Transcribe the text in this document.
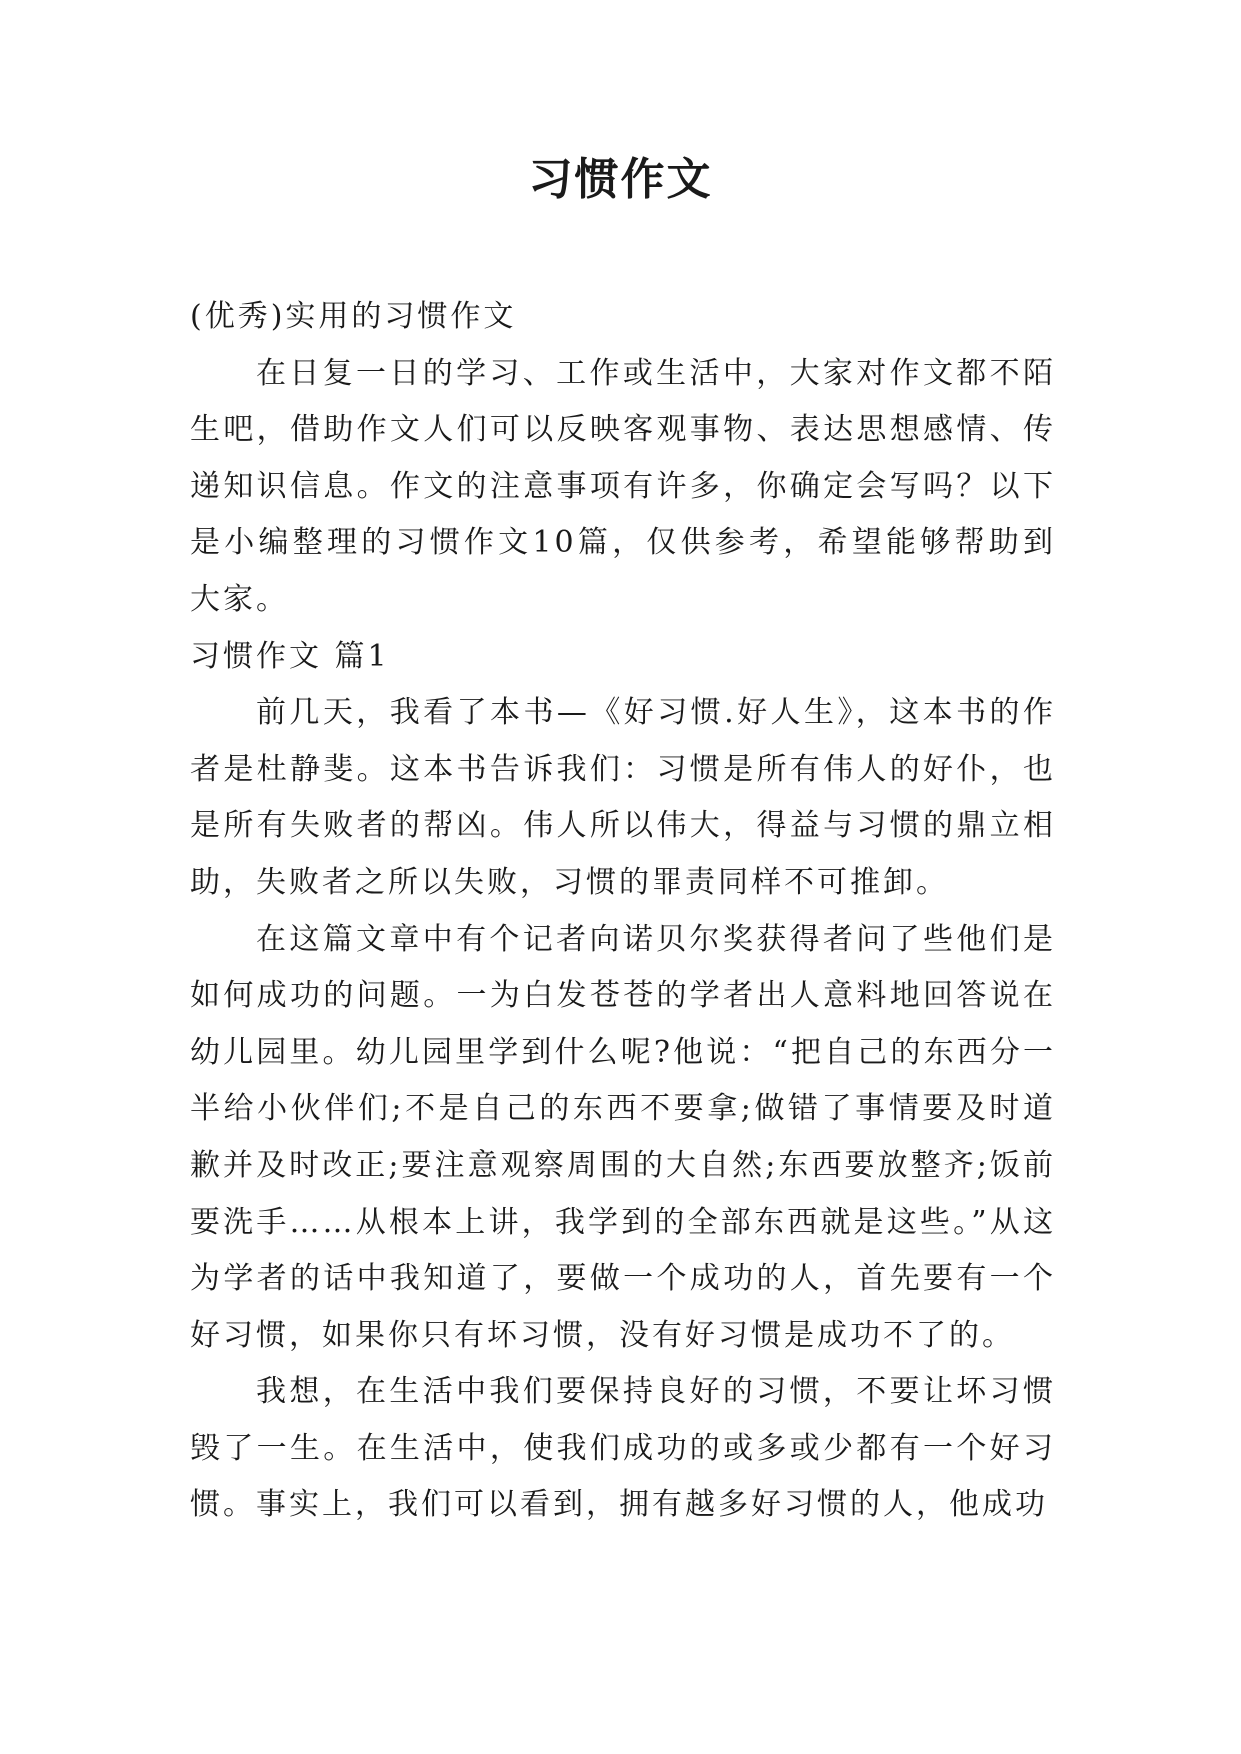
习惯作文

(优秀)实用的习惯作文

在日复一日的学习、工作或生活中，大家对作文都不陌生吧，借助作文人们可以反映客观事物、表达思想感情、传递知识信息。作文的注意事项有许多，你确定会写吗？以下是小编整理的习惯作文10篇，仅供参考，希望能够帮助到大家。

习惯作文 篇1

前几天，我看了本书—《好习惯.好人生》，这本书的作者是杜静斐。这本书告诉我们：习惯是所有伟人的好仆，也是所有失败者的帮凶。伟人所以伟大，得益与习惯的鼎立相助，失败者之所以失败，习惯的罪责同样不可推卸。

在这篇文章中有个记者向诺贝尔奖获得者问了些他们是如何成功的问题。一为白发苍苍的学者出人意料地回答说在幼儿园里。幼儿园里学到什么呢?他说：“把自己的东西分一半给小伙伴们;不是自己的东西不要拿;做错了事情要及时道歉并及时改正;要注意观察周围的大自然;东西要放整齐;饭前要洗手……从根本上讲，我学到的全部东西就是这些。”从这为学者的话中我知道了，要做一个成功的人，首先要有一个好习惯，如果你只有坏习惯，没有好习惯是成功不了的。

我想，在生活中我们要保持良好的习惯，不要让坏习惯毁了一生。在生活中，使我们成功的或多或少都有一个好习惯。事实上，我们可以看到，拥有越多好习惯的人，他成功
